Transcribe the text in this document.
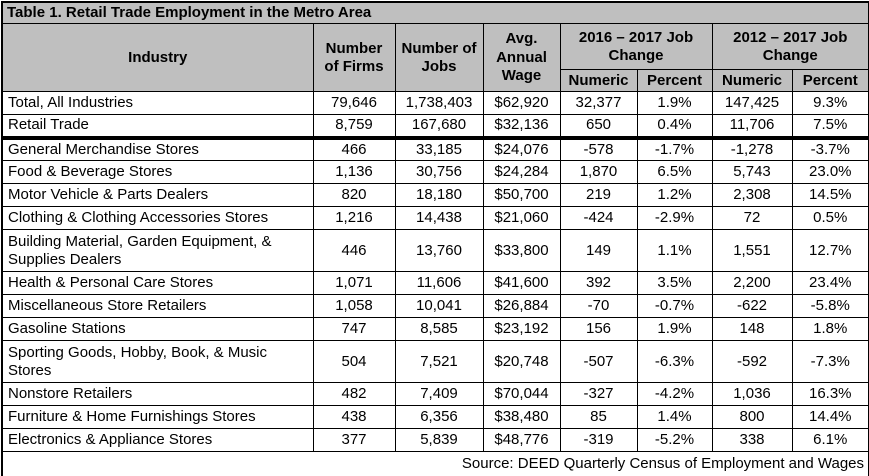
Table 1. Retail Trade Employment in the Metro Area							
Industry	Number of Firms	Number of Jobs	Avg. Annual Wage	2016 – 2017 Job Change		2012 – 2017 Job Change	
				Numeric	Percent	Numeric	Percent
Total, All Industries	79,646	1,738,403	$62,920	32,377	1.9%	147,425	9.3%
Retail Trade	8,759	167,680	$32,136	650	0.4%	11,706	7.5%
General Merchandise Stores	466	33,185	$24,076	-578	-1.7%	-1,278	-3.7%
Food & Beverage Stores	1,136	30,756	$24,284	1,870	6.5%	5,743	23.0%
Motor Vehicle & Parts Dealers	820	18,180	$50,700	219	1.2%	2,308	14.5%
Clothing & Clothing Accessories Stores	1,216	14,438	$21,060	-424	-2.9%	72	0.5%
Building Material, Garden Equipment, & Supplies Dealers	446	13,760	$33,800	149	1.1%	1,551	12.7%
Health & Personal Care Stores	1,071	11,606	$41,600	392	3.5%	2,200	23.4%
Miscellaneous Store Retailers	1,058	10,041	$26,884	-70	-0.7%	-622	-5.8%
Gasoline Stations	747	8,585	$23,192	156	1.9%	148	1.8%
Sporting Goods, Hobby, Book, & Music Stores	504	7,521	$20,748	-507	-6.3%	-592	-7.3%
Nonstore Retailers	482	7,409	$70,044	-327	-4.2%	1,036	16.3%
Furniture & Home Furnishings Stores	438	6,356	$38,480	85	1.4%	800	14.4%
Electronics & Appliance Stores	377	5,839	$48,776	-319	-5.2%	338	6.1%
Source: DEED Quarterly Census of Employment and Wages							
